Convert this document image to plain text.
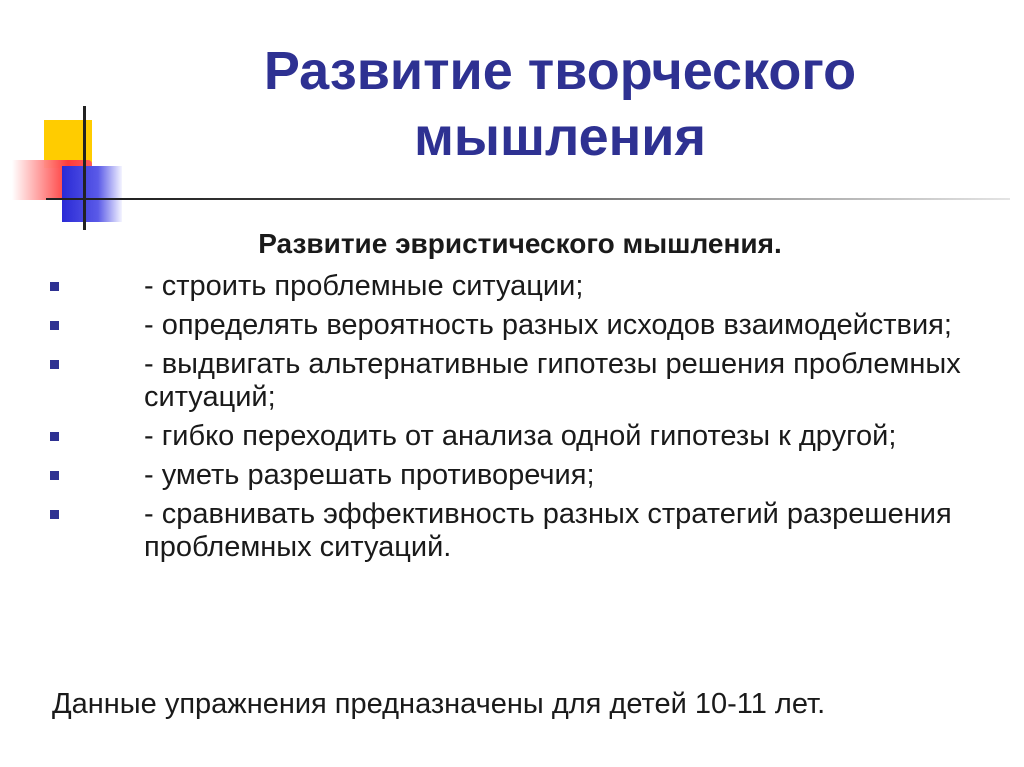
Развитие творческого мышления
Развитие эвристического мышления.
- строить проблемные ситуации;
- определять вероятность разных исходов взаимодействия;
- выдвигать альтернативные гипотезы решения проблемных ситуаций;
- гибко переходить от анализа одной гипотезы к другой;
- уметь разрешать противоречия;
- сравнивать эффективность разных стратегий разрешения проблемных ситуаций.
Данные упражнения предназначены для детей 10-11 лет.
